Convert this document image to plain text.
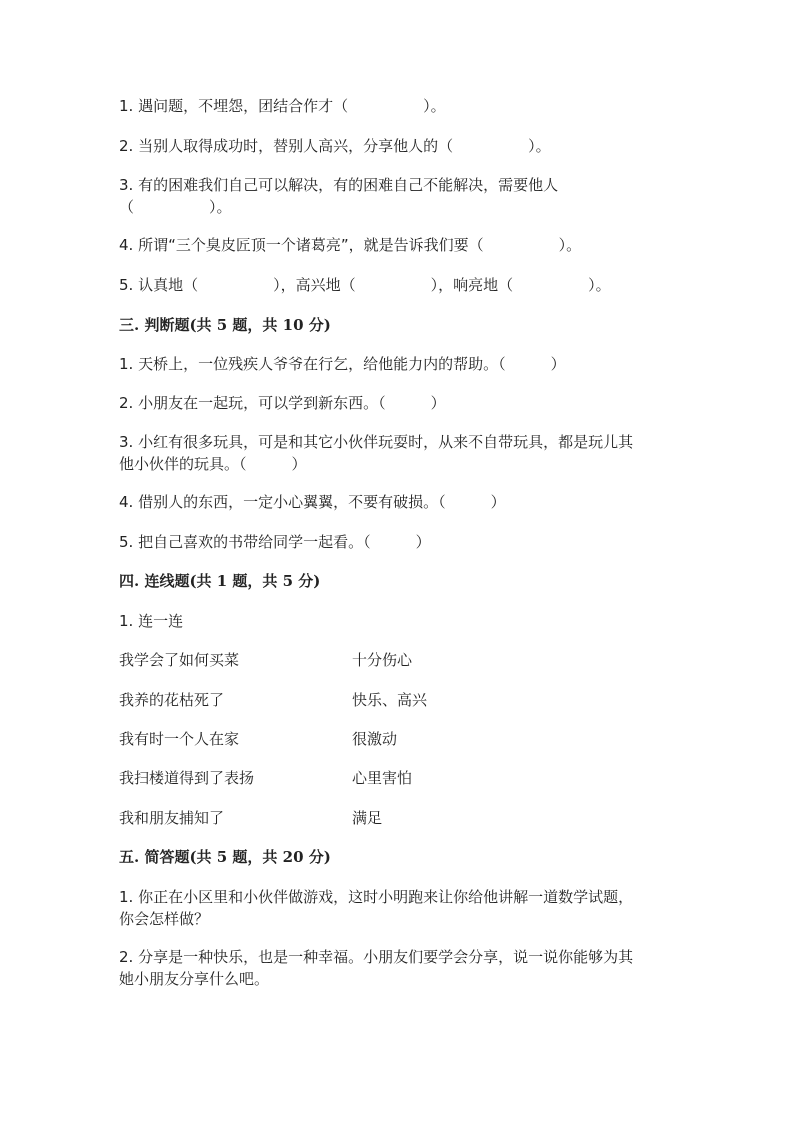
1. 遇问题，不埋怨，团结合作才（　　　　　）。
2. 当别人取得成功时，替别人高兴，分享他人的（　　　　　）。
3. 有的困难我们自己可以解决，有的困难自己不能解决，需要他人
（　　　　　）。
4. 所谓“三个臭皮匠顶一个诸葛亮”，就是告诉我们要（　　　　　）。
5. 认真地（　　　　　），高兴地（　　　　　），响亮地（　　　　　）。
三. 判断题(共 5 题，共 10 分)
1. 天桥上，一位残疾人爷爷在行乞，给他能力内的帮助。（　　　）
2. 小朋友在一起玩，可以学到新东西。（　　　）
3. 小红有很多玩具，可是和其它小伙伴玩耍时，从来不自带玩具，都是玩儿其
他小伙伴的玩具。（　　　）
4. 借别人的东西，一定小心翼翼，不要有破损。（　　　）
5. 把自己喜欢的书带给同学一起看。（　　　）
四. 连线题(共 1 题，共 5 分)
1. 连一连
我学会了如何买菜	十分伤心
我养的花枯死了	快乐、高兴
我有时一个人在家	很激动
我扫楼道得到了表扬	心里害怕
我和朋友捕知了	满足
五. 简答题(共 5 题，共 20 分)
1. 你正在小区里和小伙伴做游戏，这时小明跑来让你给他讲解一道数学试题，
你会怎样做？
2. 分享是一种快乐，也是一种幸福。小朋友们要学会分享，说一说你能够为其
她小朋友分享什么吧。
